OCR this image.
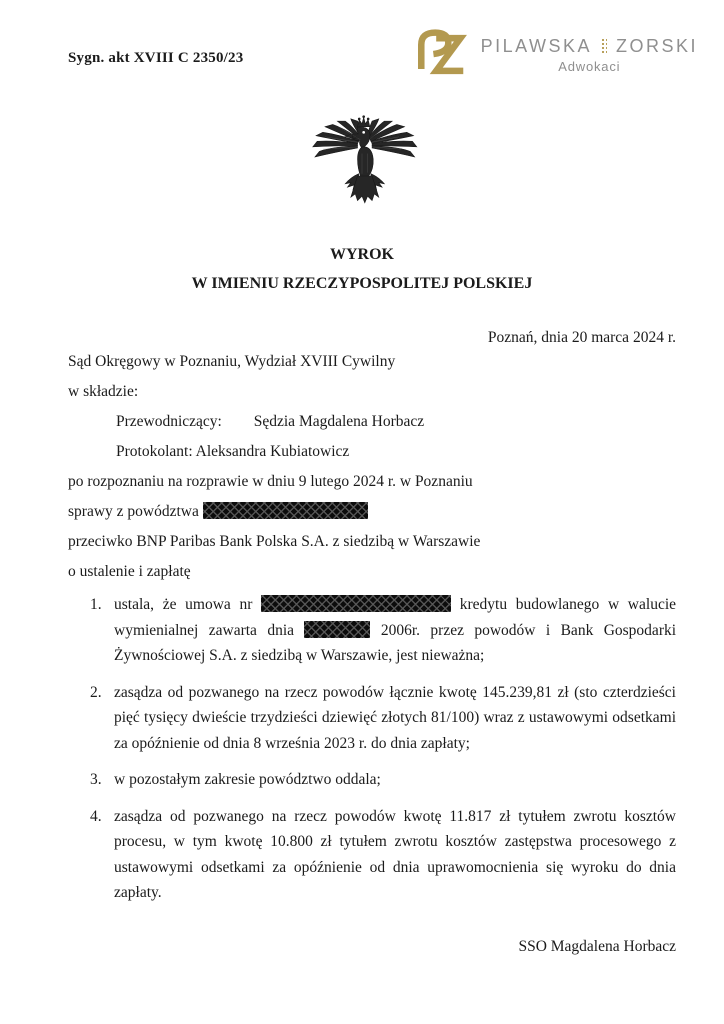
Sygn. akt XVIII C 2350/23
PILAWSKA ZORSKI
Adwokaci
WYROK
W IMIENIU RZECZYPOSPOLITEJ POLSKIEJ
Poznań, dnia 20 marca 2024 r.
Sąd Okręgowy w Poznaniu, Wydział XVIII Cywilny
w składzie:
Przewodniczący: Sędzia Magdalena Horbacz
Protokolant: Aleksandra Kubiatowicz
po rozpoznaniu na rozprawie w dniu 9 lutego 2024 r. w Poznaniu
sprawy z powództwa
przeciwko BNP Paribas Bank Polska S.A. z siedzibą w Warszawie
o ustalenie i zapłatę
1. ustala, że umowa nr	kredytu budowlanego w walucie wymienialnej zawarta dnia	2006r. przez powodów i Bank Gospodarki Żywnościowej S.A. z siedzibą w Warszawie, jest nieważna;
2. zasądza od pozwanego na rzecz powodów łącznie kwotę 145.239,81 zł (sto czterdzieści pięć tysięcy dwieście trzydzieści dziewięć złotych 81/100) wraz z ustawowymi odsetkami za opóźnienie od dnia 8 września 2023 r. do dnia zapłaty;
3. w pozostałym zakresie powództwo oddala;
4. zasądza od pozwanego na rzecz powodów kwotę 11.817 zł tytułem zwrotu kosztów procesu, w tym kwotę 10.800 zł tytułem zwrotu kosztów zastępstwa procesowego z ustawowymi odsetkami za opóźnienie od dnia uprawomocnienia się wyroku do dnia zapłaty.
SSO Magdalena Horbacz
